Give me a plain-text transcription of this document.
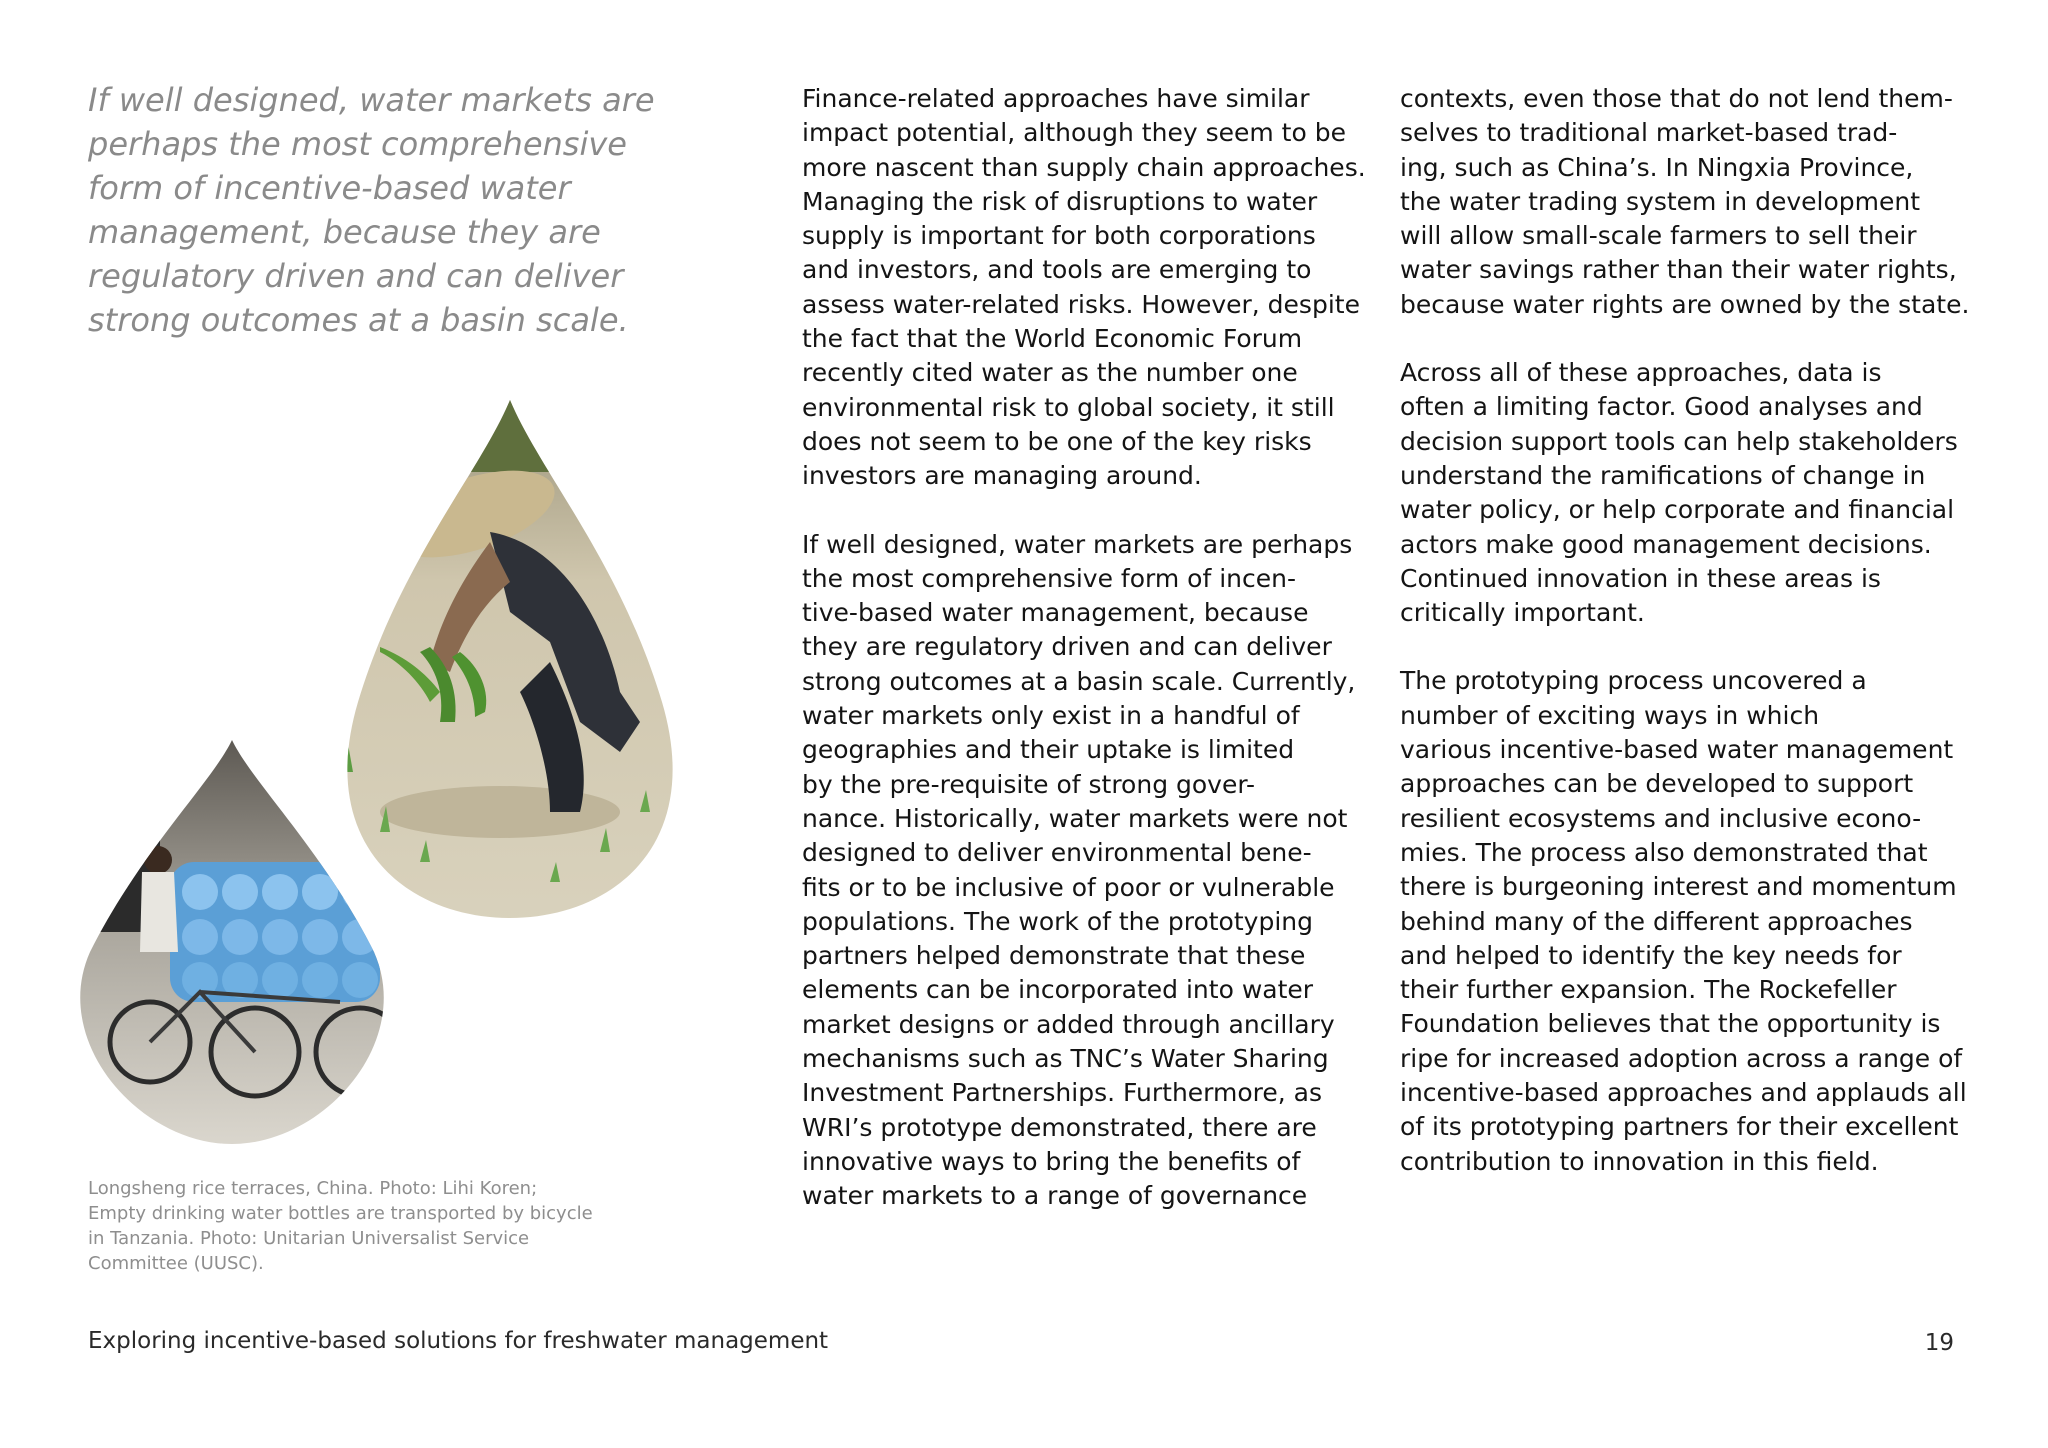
If well designed, water markets are perhaps the most comprehensive form of incentive-based water management, because they are regulatory driven and can deliver strong outcomes at a basin scale.

Finance-related approaches have similar
impact potential, although they seem to be
more nascent than supply chain approaches.
Managing the risk of disruptions to water
supply is important for both corporations
and investors, and tools are emerging to
assess water-related risks. However, despite
the fact that the World Economic Forum
recently cited water as the number one
environmental risk to global society, it still
does not seem to be one of the key risks
investors are managing around.

If well designed, water markets are perhaps
the most comprehensive form of incen-
tive-based water management, because
they are regulatory driven and can deliver
strong outcomes at a basin scale. Currently,
water markets only exist in a handful of
geographies and their uptake is limited
by the pre-requisite of strong gover-
nance. Historically, water markets were not
designed to deliver environmental bene-
fits or to be inclusive of poor or vulnerable
populations. The work of the prototyping
partners helped demonstrate that these
elements can be incorporated into water
market designs or added through ancillary
mechanisms such as TNC’s Water Sharing
Investment Partnerships. Furthermore, as
WRI’s prototype demonstrated, there are
innovative ways to bring the benefits of
water markets to a range of governance

contexts, even those that do not lend them-
selves to traditional market-based trad-
ing, such as China’s. In Ningxia Province,
the water trading system in development
will allow small-scale farmers to sell their
water savings rather than their water rights,
because water rights are owned by the state.

Across all of these approaches, data is
often a limiting factor. Good analyses and
decision support tools can help stakeholders
understand the ramifications of change in
water policy, or help corporate and financial
actors make good management decisions.
Continued innovation in these areas is
critically important.

The prototyping process uncovered a
number of exciting ways in which
various incentive-based water management
approaches can be developed to support
resilient ecosystems and inclusive econo-
mies. The process also demonstrated that
there is burgeoning interest and momentum
behind many of the different approaches
and helped to identify the key needs for
their further expansion. The Rockefeller
Foundation believes that the opportunity is
ripe for increased adoption across a range of
incentive-based approaches and applauds all
of its prototyping partners for their excellent
contribution to innovation in this field.

Longsheng rice terraces, China. Photo: Lihi Koren;
Empty drinking water bottles are transported by bicycle
in Tanzania. Photo: Unitarian Universalist Service
Committee (UUSC).

Exploring incentive-based solutions for freshwater management	19
